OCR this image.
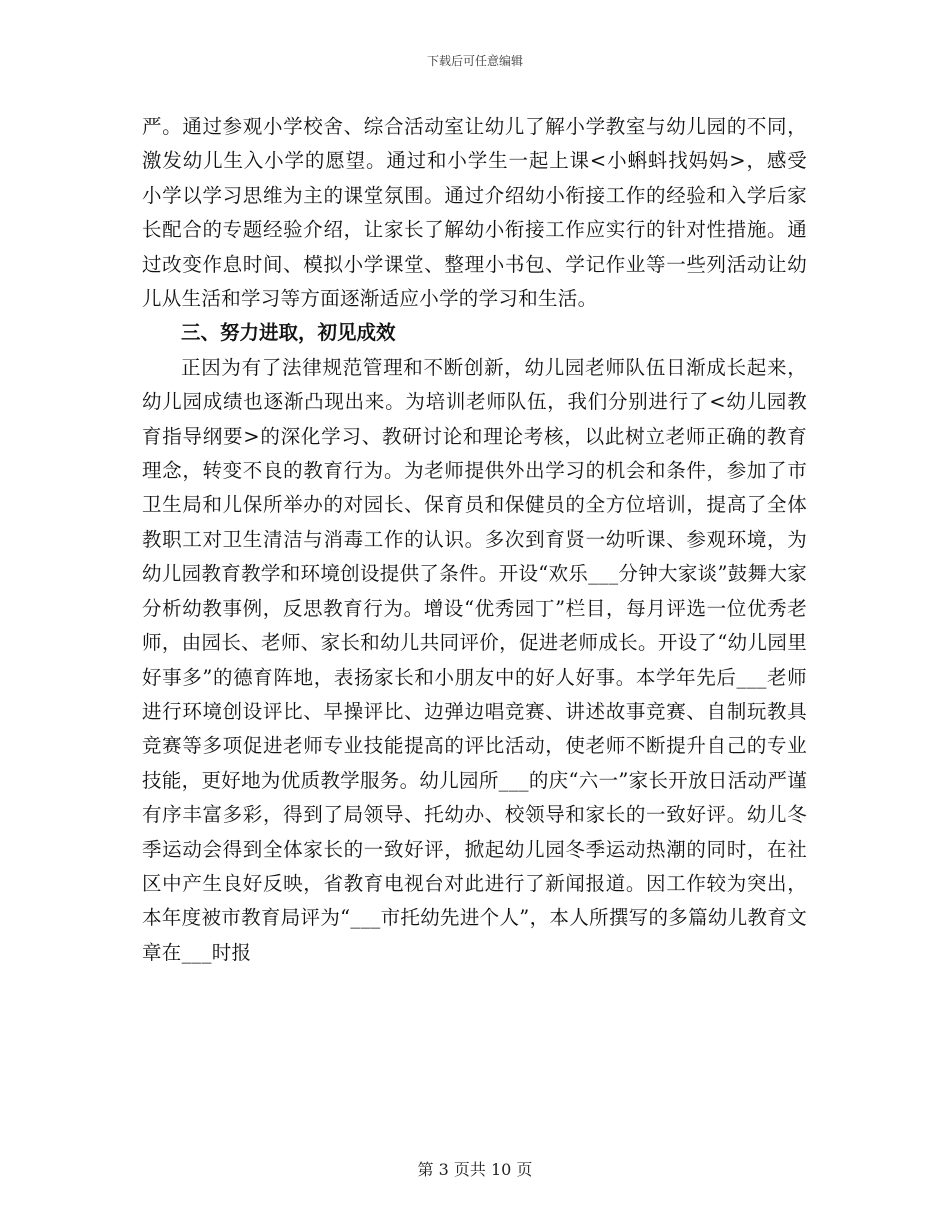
下载后可任意编辑

严。通过参观小学校舍、综合活动室让幼儿了解小学教室与幼儿园的不同，激发幼儿生入小学的愿望。通过和小学生一起上课<小蝌蚪找妈妈>，感受小学以学习思维为主的课堂氛围。通过介绍幼小衔接工作的经验和入学后家长配合的专题经验介绍，让家长了解幼小衔接工作应实行的针对性措施。通过改变作息时间、模拟小学课堂、整理小书包、学记作业等一些列活动让幼儿从生活和学习等方面逐渐适应小学的学习和生活。

三、努力进取，初见成效

正因为有了法律规范管理和不断创新，幼儿园老师队伍日渐成长起来，幼儿园成绩也逐渐凸现出来。为培训老师队伍，我们分别进行了<幼儿园教育指导纲要>的深化学习、教研讨论和理论考核，以此树立老师正确的教育理念，转变不良的教育行为。为老师提供外出学习的机会和条件，参加了市卫生局和儿保所举办的对园长、保育员和保健员的全方位培训，提高了全体教职工对卫生清洁与消毒工作的认识。多次到育贤一幼听课、参观环境，为幼儿园教育教学和环境创设提供了条件。开设“欢乐___分钟大家谈”鼓舞大家分析幼教事例，反思教育行为。增设“优秀园丁”栏目，每月评选一位优秀老师，由园长、老师、家长和幼儿共同评价，促进老师成长。开设了“幼儿园里好事多”的德育阵地，表扬家长和小朋友中的好人好事。本学年先后___老师进行环境创设评比、早操评比、边弹边唱竞赛、讲述故事竞赛、自制玩教具竞赛等多项促进老师专业技能提高的评比活动，使老师不断提升自己的专业技能，更好地为优质教学服务。幼儿园所___的庆“六一”家长开放日活动严谨有序丰富多彩，得到了局领导、托幼办、校领导和家长的一致好评。幼儿冬季运动会得到全体家长的一致好评，掀起幼儿园冬季运动热潮的同时，在社区中产生良好反映，省教育电视台对此进行了新闻报道。因工作较为突出，本年度被市教育局评为“___市托幼先进个人”，本人所撰写的多篇幼儿教育文章在___时报

第 3 页共 10 页
